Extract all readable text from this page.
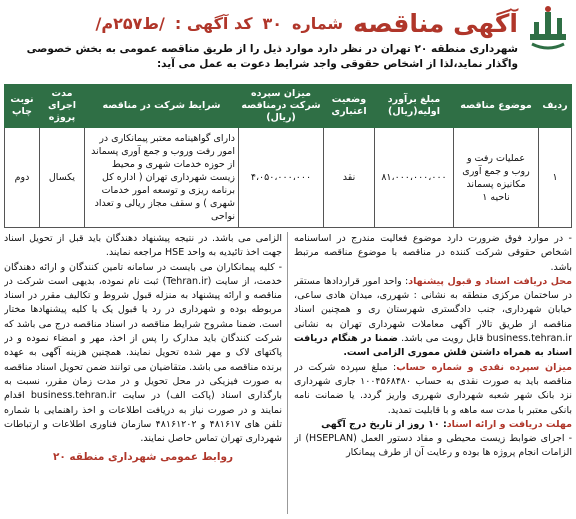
آگهی مناقصه
شماره
۳۰
کد آگهی :
/ط۲۵۷م/
شهرداری منطقه ۲۰ تهران در نظر دارد موارد ذیل را از طریق مناقصه عمومی به بخش خصوصی واگذار نماید،لذا از اشخاص حقوقی واجد شرایط دعوت به عمل می آید:
ردیف	موضوع مناقصه	مبلغ برآورد اولیه(ریال)	وضعیت اعتباری	میزان سپرده شرکت درمناقصه (ریال)	شرایط شرکت در مناقصه	مدت اجرای پروژه	نوبت چاپ
۱	عملیات رفت و روب و جمع آوری مکانیزه پسماند ناحیه ۱	۸۱،۰۰۰،۰۰۰،۰۰۰	نقد	۴،۰۵۰،۰۰۰،۰۰۰	دارای گواهینامه معتبر پیمانکاری در امور رفت وروب و جمع آوری پسماند از حوزه خدمات شهری و محیط زیست شهرداری تهران ( اداره کل برنامه ریزی و توسعه امور خدمات شهری ) و سقف مجاز ریالی و تعداد نواحی	یکسال	دوم
- در موارد فوق ضرورت دارد موضوع فعالیت مندرج در اساسنامه اشخاص حقوقی شرکت کننده در مناقصه با موضوع مناقصه مرتبط باشد.
محل دریافت اسناد و قبول پیشنهاد: واحد امور قراردادها مستقر در ساختمان مرکزی منطقه به نشانی : شهرری، میدان هادی ساعی، خیابان شهرداری، جنب دادگستری شهرستان ری و همچنین اسناد مناقصه از طریق تالار آگهی معاملات شهرداری تهران به نشانی business.tehran.ir قابل رویت می باشد. ضمنا در هنگام دریافت اسناد به همراه داشتن فلش مموری الزامی است.
میزان سپرده نقدی و شماره حساب: مبلغ سپرده شرکت در مناقصه باید به صورت نقدی به حساب ۱۰۰۴۵۶۸۴۸۰ جاری شهرداری نزد بانک شهر شعبه شهرداری شهرری واریز گردد. یا ضمانت نامه بانکی معتبر با مدت سه ماهه و با قابلیت تمدید.
مهلت دریافت و ارائه اسناد: ۱۰ روز از تاریخ درج آگهی
- اجرای ضوابط زیست محیطی و مفاد دستور العمل (HSEPLAN) از الزامات انجام پروژه ها بوده و رعایت آن از طرف پیمانکار
الزامی می باشد. در نتیجه پیشنهاد دهندگان باید قبل از تحویل اسناد جهت اخذ تائیدیه به واحد HSE مراجعه نمایند.
- کلیه پیمانکاران می بایست در سامانه تامین کنندگان و ارائه دهندگان خدمت، از سایت (Tehran.ir) ثبت نام نموده، بدیهی است شرکت در مناقصه و ارائه پیشنهاد به منزله قبول شروط و تکالیف مقرر در اسناد مربوطه بوده و شهرداری در رد یا قبول یک یا کلیه پیشنهادها مختار است. ضمنا مشروح شرایط مناقصه در اسناد مناقصه درج می باشد که شرکت کنندگان باید مدارک را پس از اخذ، مهر و امضاء نموده و در پاکتهای لاک و مهر شده تحویل نمایند. همچنین هزینه آگهی به عهده برنده مناقصه می باشد. متقاضیان می توانند ضمن تحویل اسناد مناقصه به صورت فیزیکی در محل تحویل و در مدت زمان مقرر، نسبت به بارگذاری اسناد (پاکت الف) در سایت business.tehran.ir اقدام نمایند و در صورت نیاز به دریافت اطلاعات و اخذ راهنمایی با شماره تلفن های ۴۸۱۶۱۷ و ۴۸۱۶۱۲۰۲ سازمان فناوری اطلاعات و ارتباطات شهرداری تهران تماس حاصل نمایند.
روابط عمومی شهرداری منطقه ۲۰
